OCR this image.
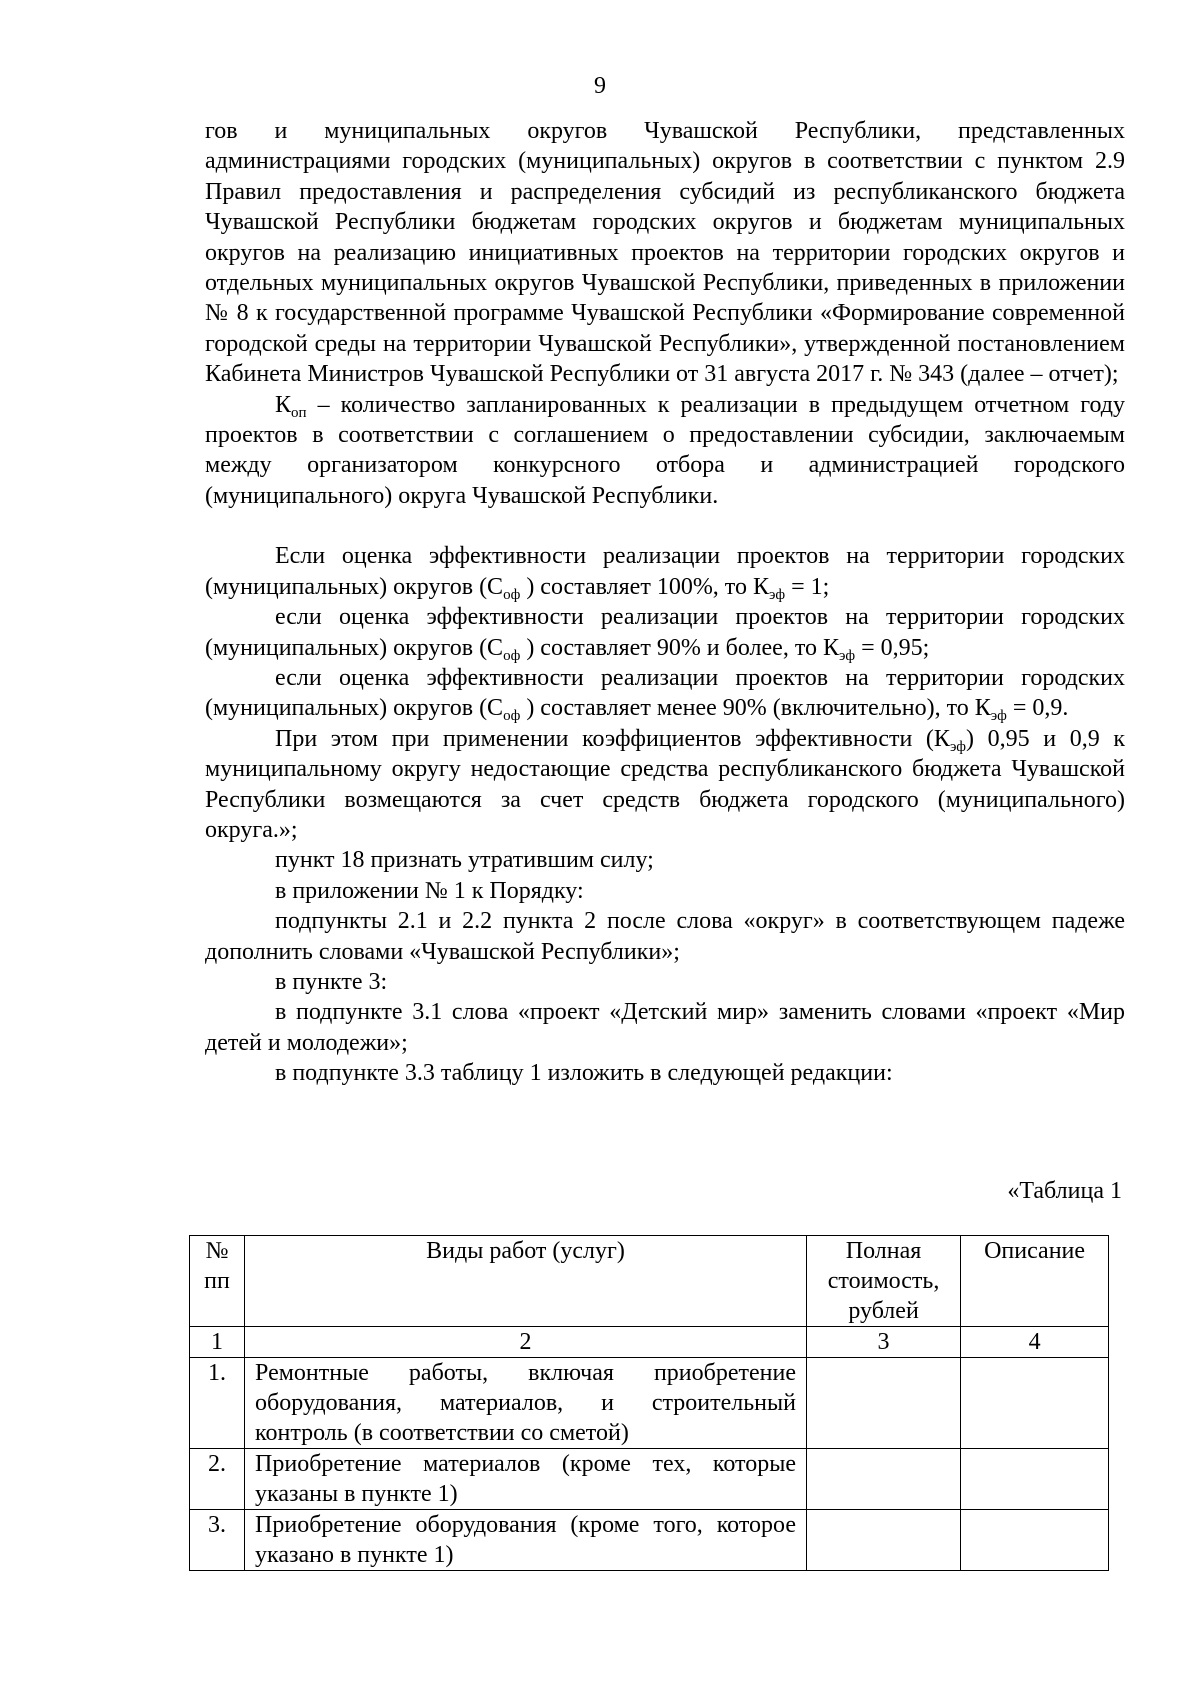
9

гов и муниципальных округов Чувашской Республики, представленных администрациями городских (муниципальных) округов в соответствии с пунктом 2.9 Правил предоставления и распределения субсидий из республиканского бюджета Чувашской Республики бюджетам городских округов и бюджетам муниципальных округов на реализацию инициативных проектов на территории городских округов и отдельных муниципальных округов Чувашской Республики, приведенных в приложении № 8 к государственной программе Чувашской Республики «Формирование современной городской среды на территории Чувашской Республики», утвержденной постановлением Кабинета Министров Чувашской Республики от 31 августа 2017 г. № 343 (далее – отчет);

$К_{оп}$ – количество запланированных к реализации в предыдущем отчетном году проектов в соответствии с соглашением о предоставлении субсидии, заключаемым между организатором конкурсного отбора и администрацией городского (муниципального) округа Чувашской Республики.

Если оценка эффективности реализации проектов на территории городских (муниципальных) округов ($С_{оф}$ ) составляет 100%, то $К_{эф} = 1$;

если оценка эффективности реализации проектов на территории городских (муниципальных) округов ($С_{оф}$ ) составляет 90% и более, то $К_{эф} = 0,95$;

если оценка эффективности реализации проектов на территории городских (муниципальных) округов ($С_{оф}$ ) составляет менее 90% (включительно), то $К_{эф} = 0,9$.

При этом при применении коэффициентов эффективности $(К_{эф})$ 0,95 и 0,9 к муниципальному округу недостающие средства республиканского бюджета Чувашской Республики возмещаются за счет средств бюджета городского (муниципального) округа.»;

пункт 18 признать утратившим силу;

в приложении № 1 к Порядку:

подпункты 2.1 и 2.2 пункта 2 после слова «округ» в соответствующем падеже дополнить словами «Чувашской Республики»;

в пункте 3:

в подпункте 3.1 слова «проект «Детский мир» заменить словами «проект «Мир детей и молодежи»;

в подпункте 3.3 таблицу 1 изложить в следующей редакции:

«Таблица 1
№ пп	Виды работ (услуг)	Полная стоимость, рублей	Описание
1	2	3	4
1.	Ремонтные работы, включая приобретение оборудования, материалов, и строительный контроль (в соответствии со сметой)		
2.	Приобретение материалов (кроме тех, которые указаны в пункте 1)		
3.	Приобретение оборудования (кроме того, которое указано в пункте 1)		
